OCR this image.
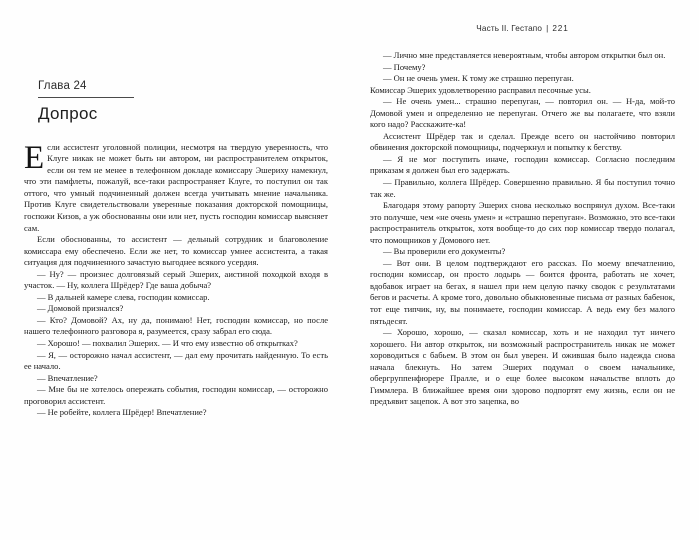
Глава 24
Допрос

Если ассистент уголовной полиции, несмотря на твердую уверенность, что Клуге никак не может быть ни автором, ни распространителем открыток, если он тем не менее в телефонном докладе комиссару Эшериху намекнул, что эти памфлеты, пожалуй, все-таки распространяет Клуге, то поступил он так оттого, что умный подчиненный должен всегда учитывать мнение начальника. Против Клуге свидетельствовали уверенные показания докторской помощницы, госпожи Кизов, а уж обоснованны они или нет, пусть господин комиссар выясняет сам.

Если обоснованны, то ассистент — дельный сотрудник и благоволение комиссара ему обеспечено. Если же нет, то комиссар умнее ассистента, а такая ситуация для подчиненного зачастую выгоднее всякого усердия.

— Ну? — произнес долговязый серый Эшерих, аистиной походкой входя в участок. — Ну, коллега Шрёдер? Где ваша добыча?

— В дальней камере слева, господин комиссар.

— Домовой признался?

— Кто? Домовой? Ах, ну да, понимаю! Нет, господин комиссар, но после нашего телефонного разговора я, разумеется, сразу забрал его сюда.

— Хорошо! — похвалил Эшерих. — И что ему известно об открытках?

— Я, — осторожно начал ассистент, — дал ему прочитать найденную. То есть ее начало.

— Впечатление?

— Мне бы не хотелось опережать события, господин комиссар, — осторожно проговорил ассистент.

— Не робейте, коллега Шрёдер! Впечатление?

Часть II. Гестапо | 221

— Лично мне представляется невероятным, чтобы автором открытки был он.

— Почему?

— Он не очень умен. К тому же страшно перепуган.

Комиссар Эшерих удовлетворенно расправил песочные усы.

— Не очень умен... страшно перепуган, — повторил он. — Н-да, мой-то Домовой умен и определенно не перепуган. Отчего же вы полагаете, что взяли кого надо? Расскажите-ка!

Ассистент Шрёдер так и сделал. Прежде всего он настойчиво повторил обвинения докторской помощницы, подчеркнул и попытку к бегству.

— Я не мог поступить иначе, господин комиссар. Согласно последним приказам я должен был его задержать.

— Правильно, коллега Шрёдер. Совершенно правильно. Я бы поступил точно так же.

Благодаря этому рапорту Эшерих снова несколько воспрянул духом. Все-таки это получше, чем «не очень умен» и «страшно перепуган». Возможно, это все-таки распространитель открыток, хотя вообще-то до сих пор комиссар твердо полагал, что помощников у Домового нет.

— Вы проверили его документы?

— Вот они. В целом подтверждают его рассказ. По моему впечатлению, господин комиссар, он просто лодырь — боится фронта, работать не хочет, вдобавок играет на бегах, я нашел при нем целую пачку сводок с результатами бегов и расчеты. А кроме того, довольно обыкновенные письма от разных бабенок, тот еще типчик, ну, вы понимаете, господин комиссар. А ведь ему без малого пятьдесят.

— Хорошо, хорошо, — сказал комиссар, хоть и не находил тут ничего хорошего. Ни автор открыток, ни возможный распространитель никак не может хороводиться с бабьем. В этом он был уверен. И ожившая было надежда снова начала блекнуть. Но затем Эшерих подумал о своем начальнике, обергруппенфюрере Пралле, и о еще более высоком начальстве вплоть до Гиммлера. В ближайшее время они здорово подпортят ему жизнь, если он не предъявит зацепок. А вот это зацепка, во
